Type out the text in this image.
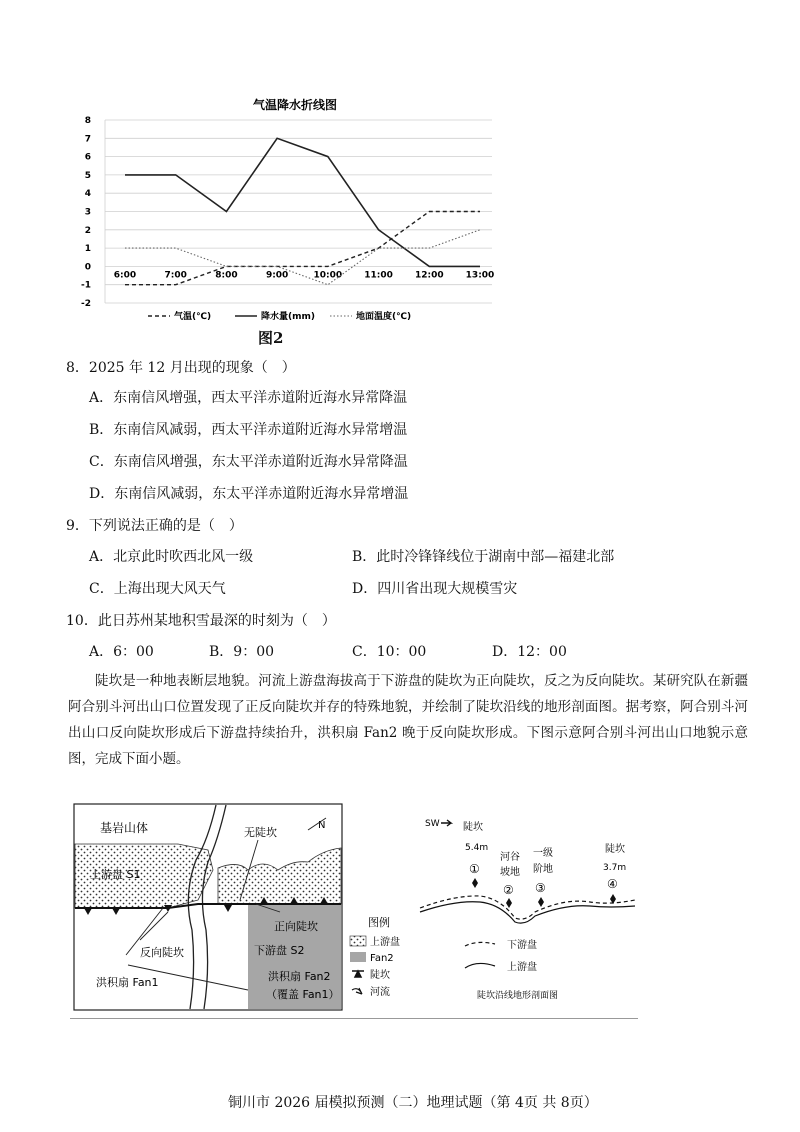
气温降水折线图
8
7
6
5
4
3
2
1
0
-1
-2
6:00	7:00	8:00	9:00	10:00 11:00 12:00 13:00
气温(℃)	降水量(mm)	地面温度(℃)
图2
8．2025 年 12 月出现的现象（　）
A．东南信风增强，西太平洋赤道附近海水异常降温
B．东南信风减弱，西太平洋赤道附近海水异常增温
C．东南信风增强，东太平洋赤道附近海水异常降温
D．东南信风减弱，东太平洋赤道附近海水异常增温
9．下列说法正确的是（　）
A．北京此时吹西北风一级	B．此时冷锋锋线位于湖南中部—福建北部
C．上海出现大风天气	D．四川省出现大规模雪灾
10．此日苏州某地积雪最深的时刻为（　）
A．6：00	B．9：00	C．10：00	D．12：00
陡坎是一种地表断层地貌。河流上游盘海拔高于下游盘的陡坎为正向陡坎，反之为反向陡坎。某研究队在新疆阿合别斗河出山口位置发现了正反向陡坎并存的特殊地貌，并绘制了陡坎沿线的地形剖面图。据考察，阿合别斗河出山口反向陡坎形成后下游盘持续抬升，洪积扇 Fan2 晚于反向陡坎形成。下图示意阿合别斗河出山口地貌示意图，完成下面小题。
基岩山体	无陡坎
N
上游盘 S1
正向陡坎
反向陡坎	下游盘 S2
洪积扇 Fan1	洪积扇 Fan2
（覆盖 Fan1）
图例
上游盘
Fan2
陡坎
河流
SW 陡坎
5.4m
①
河谷
坡地
②
一级
阶地
③
陡坎
3.7m
④
下游盘
上游盘
陡坎沿线地形剖面图
铜川市 2026 届模拟预测（二）地理试题（第 4页 共 8页）
